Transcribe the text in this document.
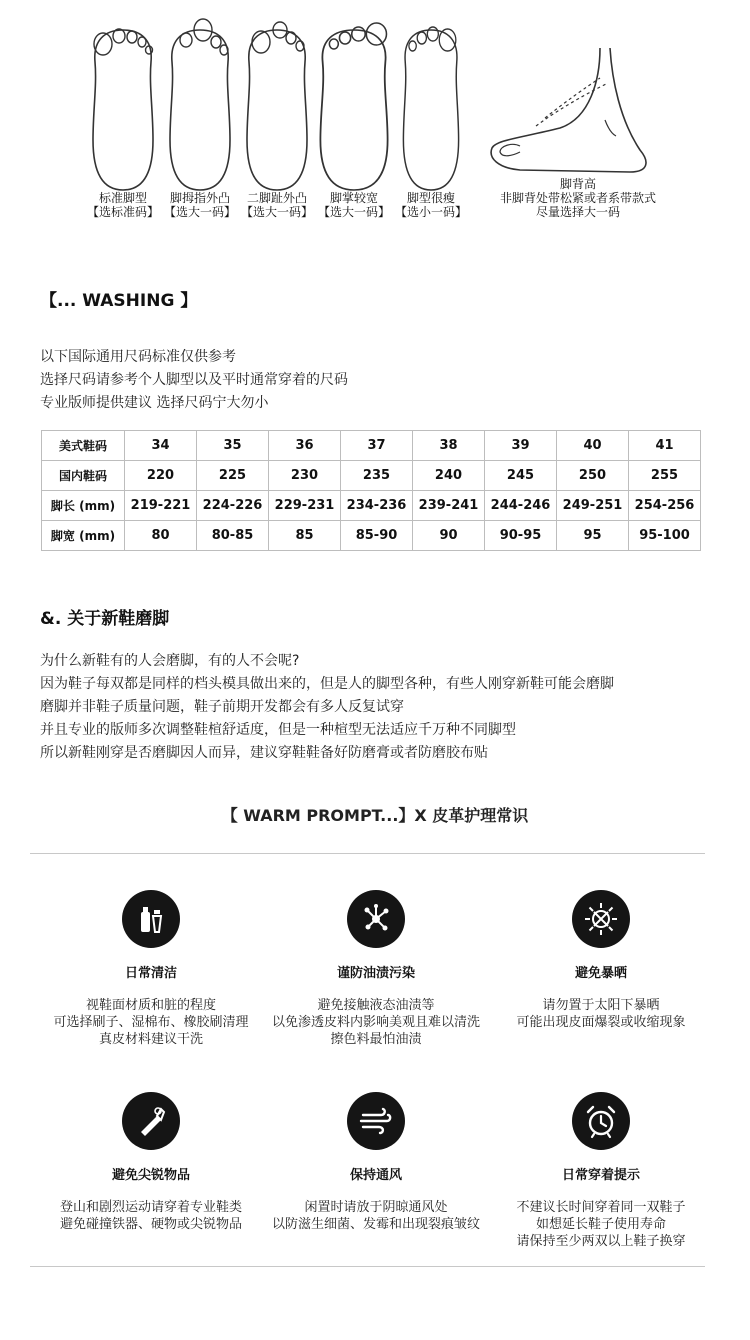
标准脚型
【选标准码】
脚拇指外凸
【选大一码】
二脚趾外凸
【选大一码】
脚掌较宽
【选大一码】
脚型很瘦
【选小一码】
脚背高
非脚背处带松紧或者系带款式
尽量选择大一码
【... WASHING 】
以下国际通用尺码标准仅供参考
选择尺码请参考个人脚型以及平时通常穿着的尺码
专业版师提供建议 选择尺码宁大勿小
美式鞋码	34	35	36	37	38	39	40	41
国内鞋码	220	225	230	235	240	245	250	255
脚长 (mm)	219-221	224-226	229-231	234-236	239-241	244-246	249-251	254-256
脚宽 (mm)	80	80-85	85	85-90	90	90-95	95	95-100
&. 关于新鞋磨脚
为什么新鞋有的人会磨脚，有的人不会呢?
因为鞋子每双都是同样的档头模具做出来的，但是人的脚型各种，有些人刚穿新鞋可能会磨脚
磨脚并非鞋子质量问题，鞋子前期开发都会有多人反复试穿
并且专业的版师多次调整鞋楦舒适度，但是一种楦型无法适应千万种不同脚型
所以新鞋刚穿是否磨脚因人而异，建议穿鞋鞋备好防磨膏或者防磨胶布贴
【 WARM PROMPT...】X 皮革护理常识
日常清洁
视鞋面材质和脏的程度
可选择刷子、湿棉布、橡胶刷清理
真皮材料建议干洗
谨防油渍污染
避免接触液态油渍等
以免渗透皮料内影响美观且难以清洗
擦色料最怕油渍
避免暴晒
请勿置于太阳下暴晒
可能出现皮面爆裂或收缩现象
避免尖锐物品
登山和剧烈运动请穿着专业鞋类
避免碰撞铁器、硬物或尖锐物品
保持通风
闲置时请放于阴晾通风处
以防滋生细菌、发霉和出现裂痕皱纹
日常穿着提示
不建议长时间穿着同一双鞋子
如想延长鞋子使用寿命
请保持至少两双以上鞋子换穿
